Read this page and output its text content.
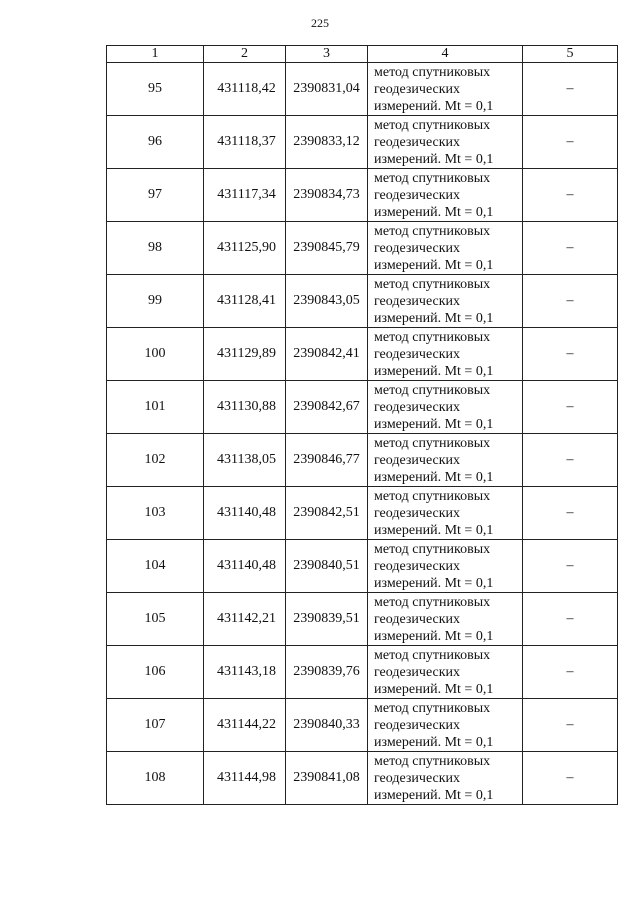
225
1	2	3	4	5
95	431118,42	2390831,04	метод спутниковых
геодезических
измерений. Mt = 0,1	–
96	431118,37	2390833,12	метод спутниковых
геодезических
измерений. Mt = 0,1	–
97	431117,34	2390834,73	метод спутниковых
геодезических
измерений. Mt = 0,1	–
98	431125,90	2390845,79	метод спутниковых
геодезических
измерений. Mt = 0,1	–
99	431128,41	2390843,05	метод спутниковых
геодезических
измерений. Mt = 0,1	–
100	431129,89	2390842,41	метод спутниковых
геодезических
измерений. Mt = 0,1	–
101	431130,88	2390842,67	метод спутниковых
геодезических
измерений. Mt = 0,1	–
102	431138,05	2390846,77	метод спутниковых
геодезических
измерений. Mt = 0,1	–
103	431140,48	2390842,51	метод спутниковых
геодезических
измерений. Mt = 0,1	–
104	431140,48	2390840,51	метод спутниковых
геодезических
измерений. Mt = 0,1	–
105	431142,21	2390839,51	метод спутниковых
геодезических
измерений. Mt = 0,1	–
106	431143,18	2390839,76	метод спутниковых
геодезических
измерений. Mt = 0,1	–
107	431144,22	2390840,33	метод спутниковых
геодезических
измерений. Mt = 0,1	–
108	431144,98	2390841,08	метод спутниковых
геодезических
измерений. Mt = 0,1	–
